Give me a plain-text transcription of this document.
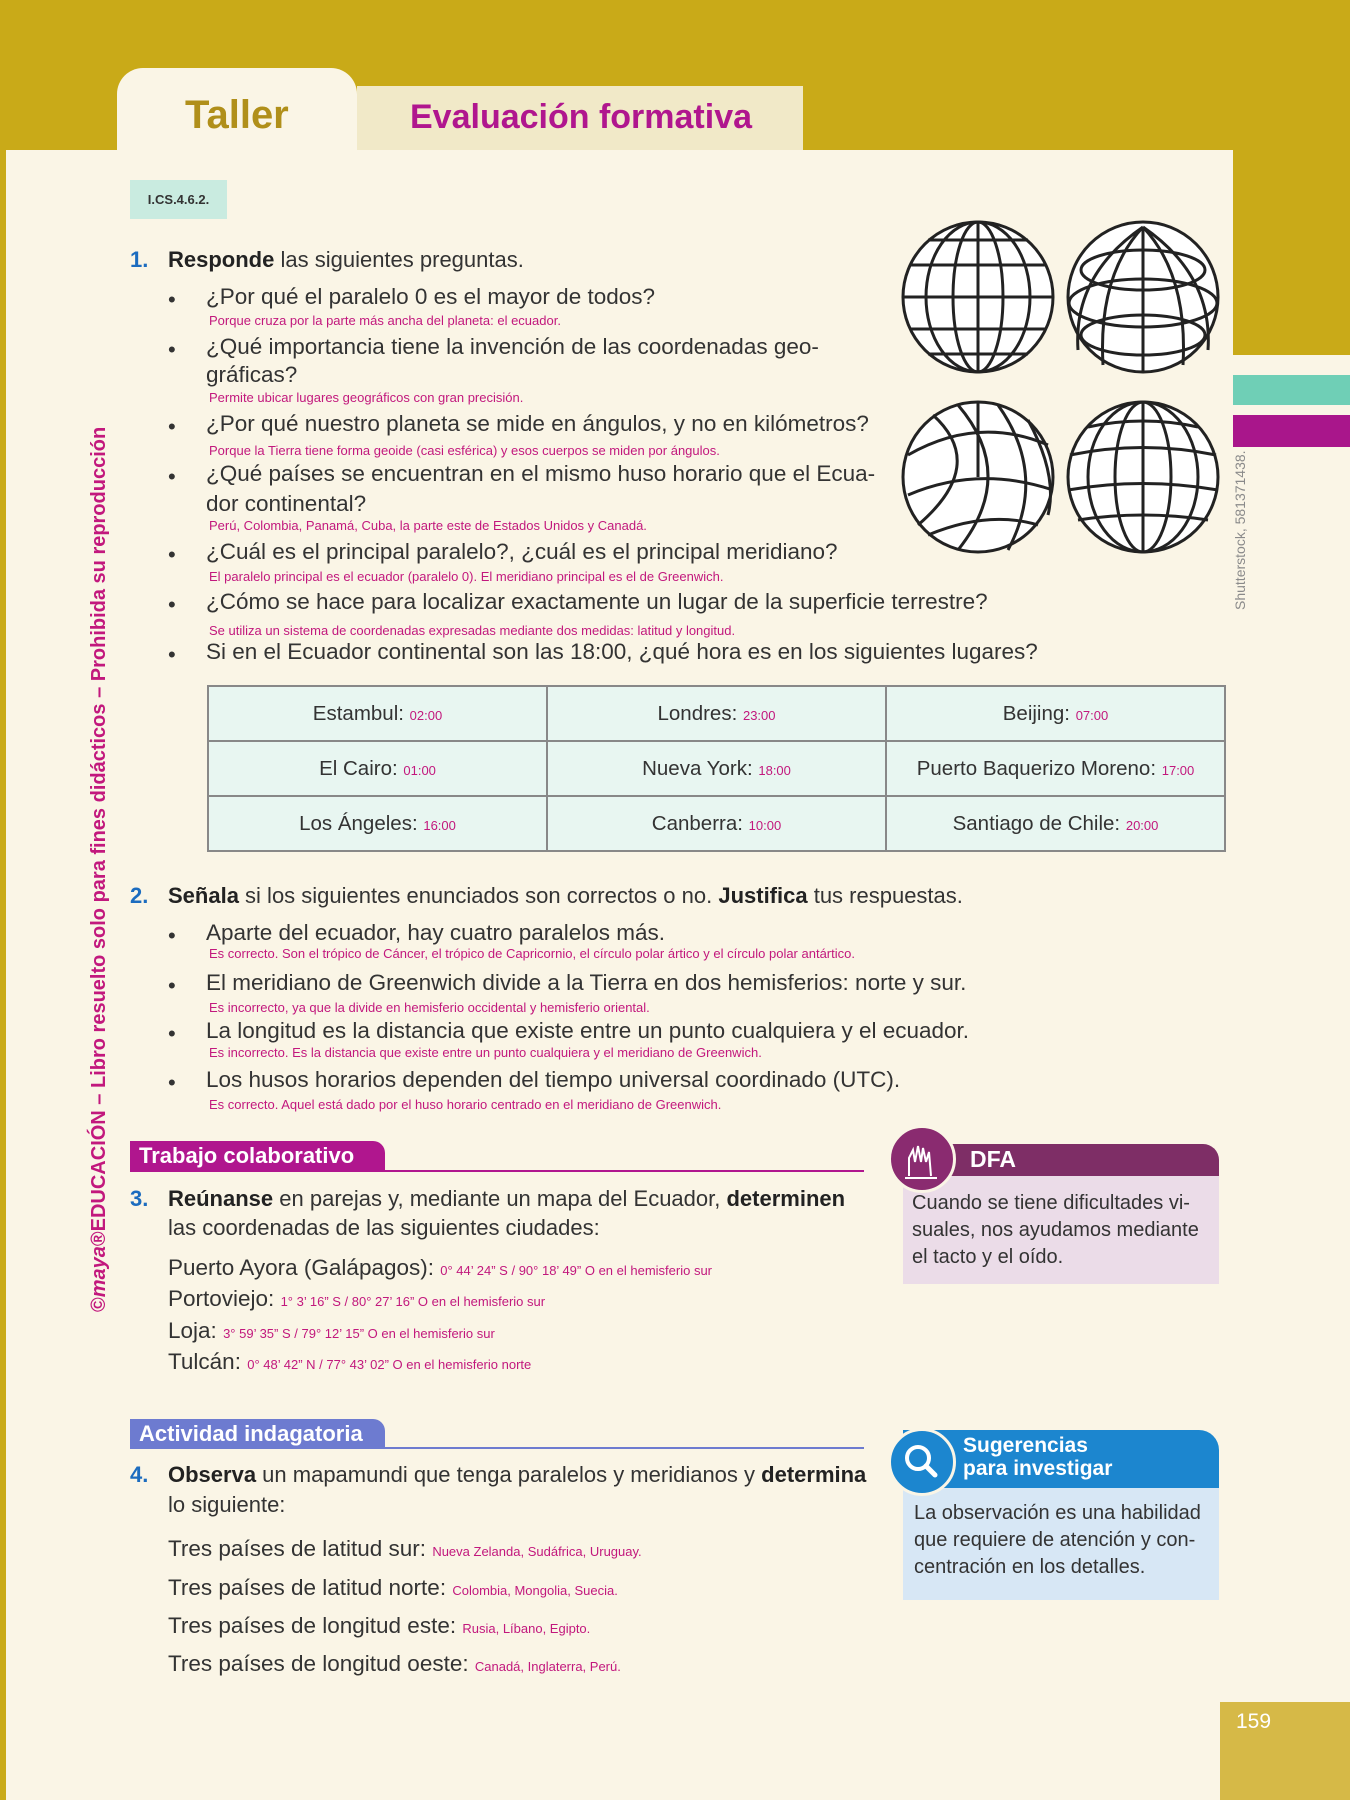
Taller	Evaluación formativa
I.CS.4.6.2.
©maya®EDUCACIÓN – Libro resuelto solo para fines didácticos – Prohibida su reproducción	Shutterstock, 581371438.
1. Responde las siguientes preguntas.
• ¿Por qué el paralelo 0 es el mayor de todos?
Porque cruza por la parte más ancha del planeta: el ecuador.
• ¿Qué importancia tiene la invención de las coordenadas geo-
gráficas?
Permite ubicar lugares geográficos con gran precisión.
• ¿Por qué nuestro planeta se mide en ángulos, y no en kilómetros?
Porque la Tierra tiene forma geoide (casi esférica) y esos cuerpos se miden por ángulos.
• ¿Qué países se encuentran en el mismo huso horario que el Ecua-
dor continental?
Perú, Colombia, Panamá, Cuba, la parte este de Estados Unidos y Canadá.
• ¿Cuál es el principal paralelo?, ¿cuál es el principal meridiano?
El paralelo principal es el ecuador (paralelo 0). El meridiano principal es el de Greenwich.
• ¿Cómo se hace para localizar exactamente un lugar de la superficie terrestre?
Se utiliza un sistema de coordenadas expresadas mediante dos medidas: latitud y longitud.
• Si en el Ecuador continental son las 18:00, ¿qué hora es en los siguientes lugares?
Estambul: 02:00	Londres: 23:00	Beijing: 07:00
El Cairo: 01:00	Nueva York: 18:00	Puerto Baquerizo Moreno: 17:00
Los Ángeles: 16:00	Canberra: 10:00	Santiago de Chile: 20:00
2. Señala si los siguientes enunciados son correctos o no. Justifica tus respuestas.
• Aparte del ecuador, hay cuatro paralelos más.
Es correcto. Son el trópico de Cáncer, el trópico de Capricornio, el círculo polar ártico y el círculo polar antártico.
• El meridiano de Greenwich divide a la Tierra en dos hemisferios: norte y sur.
Es incorrecto, ya que la divide en hemisferio occidental y hemisferio oriental.
• La longitud es la distancia que existe entre un punto cualquiera y el ecuador.
Es incorrecto. Es la distancia que existe entre un punto cualquiera y el meridiano de Greenwich.
• Los husos horarios dependen del tiempo universal coordinado (UTC).
Es correcto. Aquel está dado por el huso horario centrado en el meridiano de Greenwich.
Trabajo colaborativo
3. Reúnanse en parejas y, mediante un mapa del Ecuador, determinen
las coordenadas de las siguientes ciudades:
Puerto Ayora (Galápagos): 0° 44’ 24” S / 90° 18’ 49” O en el hemisferio sur
Portoviejo: 1° 3’ 16” S / 80° 27’ 16” O en el hemisferio sur
Loja: 3° 59’ 35” S / 79° 12’ 15” O en el hemisferio sur
Tulcán: 0° 48’ 42” N / 77° 43’ 02” O en el hemisferio norte
DFA
Cuando se tiene dificultades vi-suales, nos ayudamos mediante el tacto y el oído.
Actividad indagatoria
4. Observa un mapamundi que tenga paralelos y meridianos y determina
lo siguiente:
Tres países de latitud sur: Nueva Zelanda, Sudáfrica, Uruguay.
Tres países de latitud norte: Colombia, Mongolia, Suecia.
Tres países de longitud este: Rusia, Líbano, Egipto.
Tres países de longitud oeste: Canadá, Inglaterra, Perú.
Sugerencias
para investigar
La observación es una habilidad que requiere de atención y con-centración en los detalles.
159
